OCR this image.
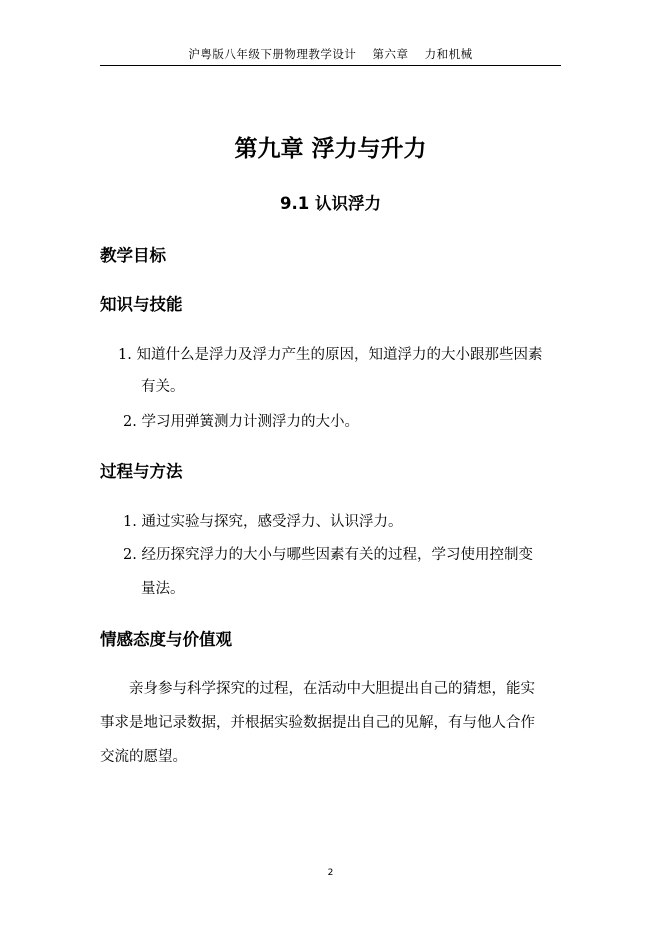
沪粤版八年级下册物理教学设计　 第六章　 力和机械
第九章 浮力与升力
9.1 认识浮力
教学目标
知识与技能
1. 知道什么是浮力及浮力产生的原因，知道浮力的大小跟那些因素
有关。
2. 学习用弹簧测力计测浮力的大小。
过程与方法
1. 通过实验与探究，感受浮力、认识浮力。
2. 经历探究浮力的大小与哪些因素有关的过程，学习使用控制变
量法。
情感态度与价值观
亲身参与科学探究的过程，在活动中大胆提出自己的猜想，能实
事求是地记录数据，并根据实验数据提出自己的见解，有与他人合作
交流的愿望。
2
